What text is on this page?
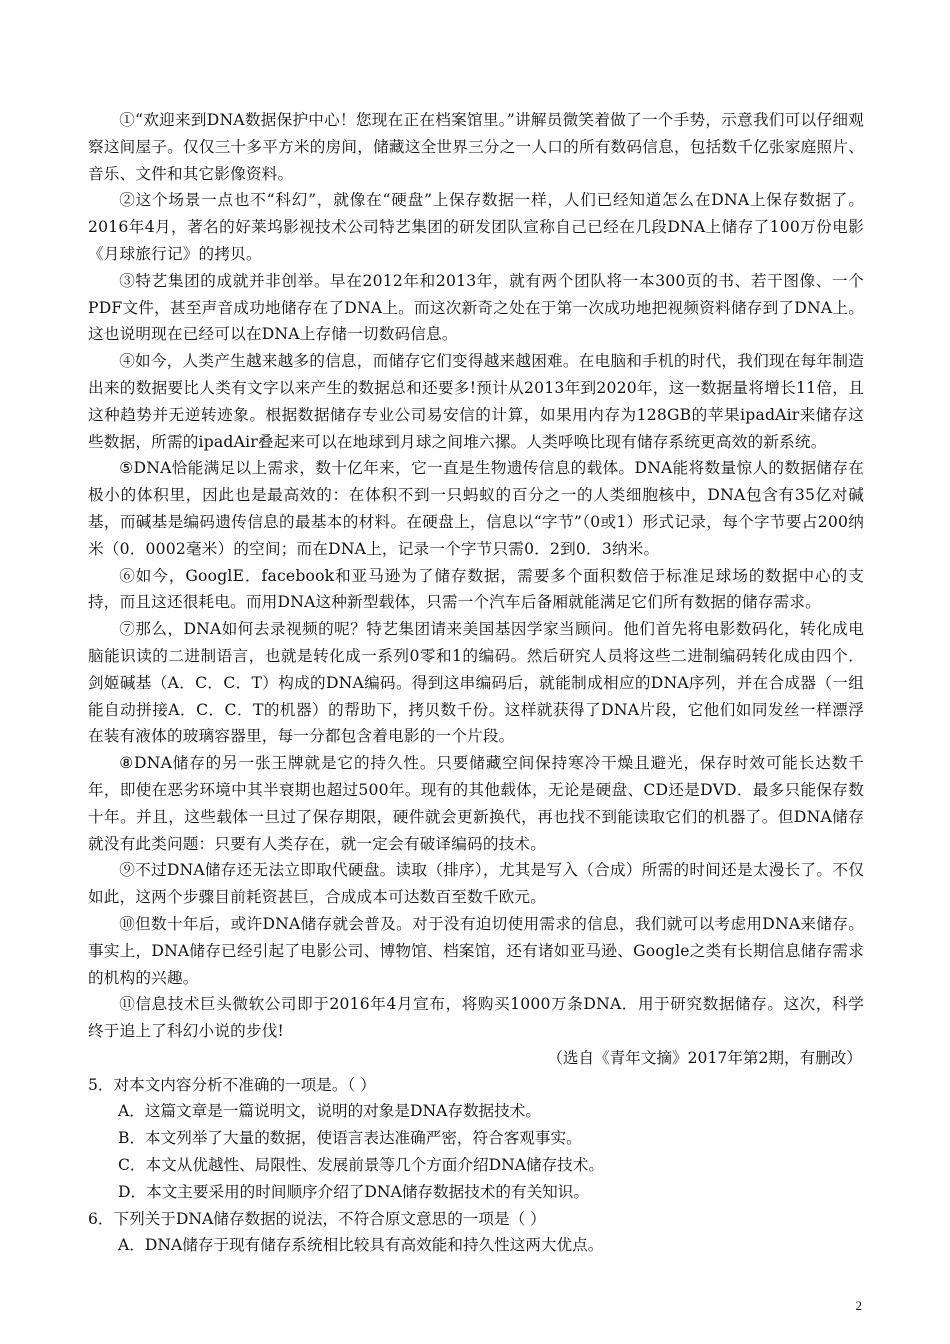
①“欢迎来到DNA数据保护中心！您现在正在档案馆里。”讲解员微笑着做了一个手势，示意我们可以仔细观察这间屋子。仅仅三十多平方米的房间，储藏这全世界三分之一人口的所有数码信息，包括数千亿张家庭照片、音乐、文件和其它影像资料。

②这个场景一点也不“科幻”，就像在“硬盘”上保存数据一样，人们已经知道怎么在DNA上保存数据了。2016年4月，著名的好莱坞影视技术公司特艺集团的研发团队宣称自己已经在几段DNA上储存了100万份电影《月球旅行记》的拷贝。

③特艺集团的成就并非创举。早在2012年和2013年，就有两个团队将一本300页的书、若干图像、一个PDF文件，甚至声音成功地储存在了DNA上。而这次新奇之处在于第一次成功地把视频资料储存到了DNA上。这也说明现在已经可以在DNA上存储一切数码信息。

④如今，人类产生越来越多的信息，而储存它们变得越来越困难。在电脑和手机的时代，我们现在每年制造出来的数据要比人类有文字以来产生的数据总和还要多!预计从2013年到2020年，这一数据量将增长11倍，且这种趋势并无逆转迹象。根据数据储存专业公司易安信的计算，如果用内存为128GB的苹果ipadAir来储存这些数据，所需的ipadAir叠起来可以在地球到月球之间堆六摞。人类呼唤比现有储存系统更高效的新系统。

⑤DNA恰能满足以上需求，数十亿年来，它一直是生物遗传信息的载体。DNA能将数量惊人的数据储存在极小的体积里，因此也是最高效的：在体积不到一只蚂蚁的百分之一的人类细胞核中，DNA包含有35亿对碱基，而碱基是编码遗传信息的最基本的材料。在硬盘上，信息以“字节”（0或1）形式记录，每个字节要占200纳米（0．0002毫米）的空间；而在DNA上，记录一个字节只需0．2到0．3纳米。

⑥如今，GooglE．facebook和亚马逊为了储存数据，需要多个面积数倍于标准足球场的数据中心的支持，而且这还很耗电。而用DNA这种新型载体，只需一个汽车后备厢就能满足它们所有数据的储存需求。

⑦那么，DNA如何去录视频的呢？特艺集团请来美国基因学家当顾问。他们首先将电影数码化，转化成电脑能识读的二进制语言，也就是转化成一系列0零和1的编码。然后研究人员将这些二进制编码转化成由四个．剑姬碱基（A．C．C．T）构成的DNA编码。得到这串编码后，就能制成相应的DNA序列，并在合成器（一组能自动拼接A．C．C．T的机器）的帮助下，拷贝数千份。这样就获得了DNA片段，它他们如同发丝一样漂浮在装有液体的玻璃容器里，每一分都包含着电影的一个片段。

⑧DNA储存的另一张王牌就是它的持久性。只要储藏空间保持寒冷干燥且避光，保存时效可能长达数千年，即使在恶劣环境中其半衰期也超过500年。现有的其他载体，无论是硬盘、CD还是DVD．最多只能保存数十年。并且，这些载体一旦过了保存期限，硬件就会更新换代，再也找不到能读取它们的机器了。但DNA储存就没有此类问题：只要有人类存在，就一定会有破译编码的技术。

⑨不过DNA储存还无法立即取代硬盘。读取（排序），尤其是写入（合成）所需的时间还是太漫长了。不仅如此，这两个步骤目前耗资甚巨，合成成本可达数百至数千欧元。

⑩但数十年后，或许DNA储存就会普及。对于没有迫切使用需求的信息，我们就可以考虑用DNA来储存。事实上，DNA储存已经引起了电影公司、博物馆、档案馆，还有诸如亚马逊、Google之类有长期信息储存需求的机构的兴趣。

⑪信息技术巨头微软公司即于2016年4月宣布，将购买1000万条DNA．用于研究数据储存。这次，科学终于追上了科幻小说的步伐!

（选自《青年文摘》2017年第2期，有删改）

5．对本文内容分析不准确的一项是。（ ）

A．这篇文章是一篇说明文，说明的对象是DNA存数据技术。

B．本文列举了大量的数据，使语言表达准确严密，符合客观事实。

C．本文从优越性、局限性、发展前景等几个方面介绍DNA储存技术。

D．本文主要采用的时间顺序介绍了DNA储存数据技术的有关知识。

6．下列关于DNA储存数据的说法，不符合原文意思的一项是（ ）

A．DNA储存于现有储存系统相比较具有高效能和持久性这两大优点。

2
